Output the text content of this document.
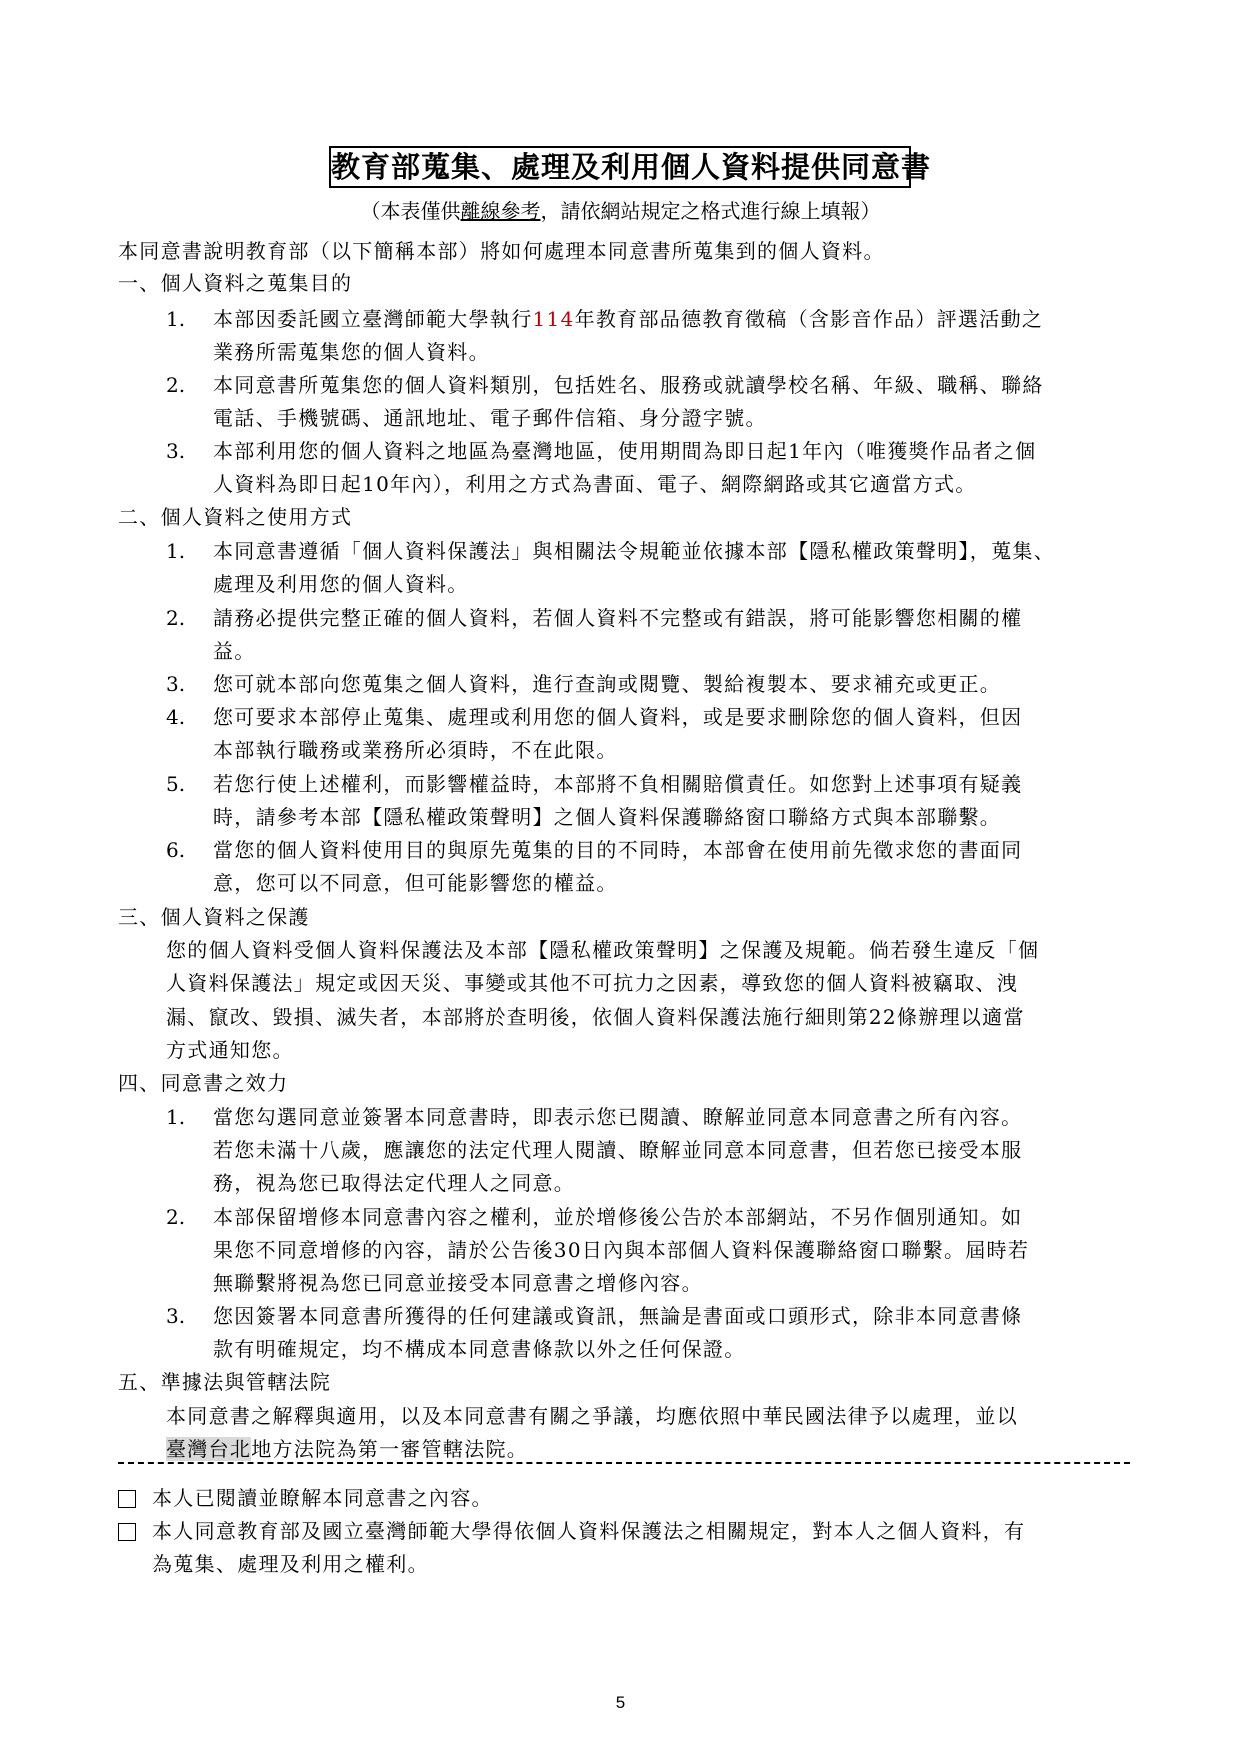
教育部蒐集、處理及利用個人資料提供同意書
（本表僅供離線參考，請依網站規定之格式進行線上填報）
本同意書說明教育部（以下簡稱本部）將如何處理本同意書所蒐集到的個人資料。
一、個人資料之蒐集目的
1. 本部因委託國立臺灣師範大學執行114年教育部品德教育徵稿（含影音作品）評選活動之
業務所需蒐集您的個人資料。
2. 本同意書所蒐集您的個人資料類別，包括姓名、服務或就讀學校名稱、年級、職稱、聯絡
電話、手機號碼、通訊地址、電子郵件信箱、身分證字號。
3. 本部利用您的個人資料之地區為臺灣地區，使用期間為即日起1年內（唯獲獎作品者之個
人資料為即日起10年內），利用之方式為書面、電子、網際網路或其它適當方式。
二、個人資料之使用方式
1. 本同意書遵循「個人資料保護法」與相關法令規範並依據本部【隱私權政策聲明】，蒐集、
處理及利用您的個人資料。
2. 請務必提供完整正確的個人資料，若個人資料不完整或有錯誤，將可能影響您相關的權
益。
3. 您可就本部向您蒐集之個人資料，進行查詢或閱覽、製給複製本、要求補充或更正。
4. 您可要求本部停止蒐集、處理或利用您的個人資料，或是要求刪除您的個人資料，但因
本部執行職務或業務所必須時，不在此限。
5. 若您行使上述權利，而影響權益時，本部將不負相關賠償責任。如您對上述事項有疑義
時，請參考本部【隱私權政策聲明】之個人資料保護聯絡窗口聯絡方式與本部聯繫。
6. 當您的個人資料使用目的與原先蒐集的目的不同時，本部會在使用前先徵求您的書面同
意，您可以不同意，但可能影響您的權益。
三、個人資料之保護
您的個人資料受個人資料保護法及本部【隱私權政策聲明】之保護及規範。倘若發生違反「個
人資料保護法」規定或因天災、事變或其他不可抗力之因素，導致您的個人資料被竊取、洩
漏、竄改、毀損、滅失者，本部將於查明後，依個人資料保護法施行細則第22條辦理以適當
方式通知您。
四、同意書之效力
1. 當您勾選同意並簽署本同意書時，即表示您已閱讀、瞭解並同意本同意書之所有內容。
若您未滿十八歲，應讓您的法定代理人閱讀、瞭解並同意本同意書，但若您已接受本服
務，視為您已取得法定代理人之同意。
2. 本部保留增修本同意書內容之權利，並於增修後公告於本部網站，不另作個別通知。如
果您不同意增修的內容，請於公告後30日內與本部個人資料保護聯絡窗口聯繫。屆時若
無聯繫將視為您已同意並接受本同意書之增修內容。
3. 您因簽署本同意書所獲得的任何建議或資訊，無論是書面或口頭形式，除非本同意書條
款有明確規定，均不構成本同意書條款以外之任何保證。
五、準據法與管轄法院
本同意書之解釋與適用，以及本同意書有關之爭議，均應依照中華民國法律予以處理，並以
臺灣台北地方法院為第一審管轄法院。
本人已閱讀並瞭解本同意書之內容。
本人同意教育部及國立臺灣師範大學得依個人資料保護法之相關規定，對本人之個人資料，有
為蒐集、處理及利用之權利。
5
